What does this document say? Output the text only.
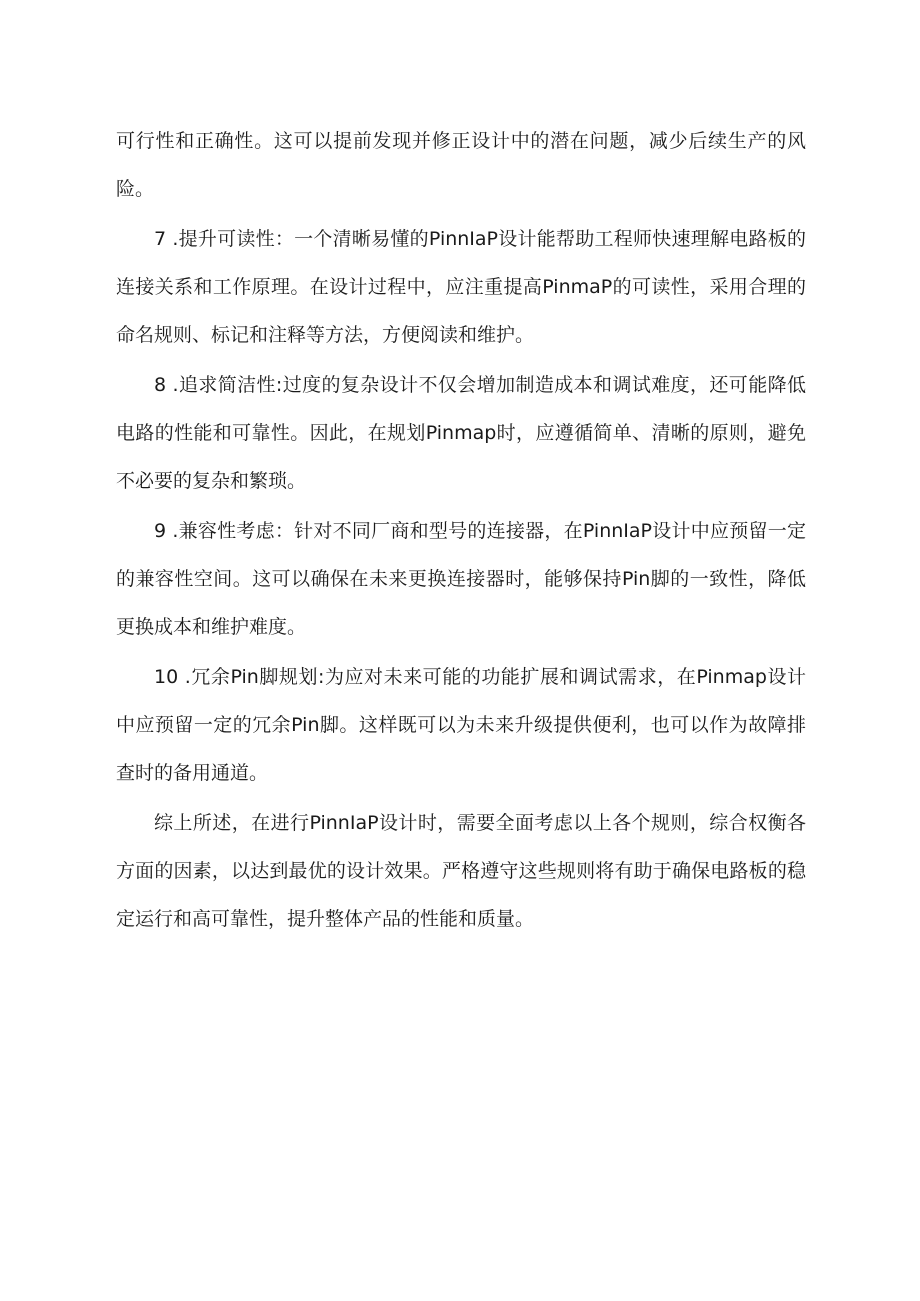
可行性和正确性。这可以提前发现并修正设计中的潜在问题，减少后续生产的风险。

7 .提升可读性：一个清晰易懂的PinnIaP设计能帮助工程师快速理解电路板的连接关系和工作原理。在设计过程中，应注重提高PinmaP的可读性，采用合理的命名规则、标记和注释等方法，方便阅读和维护。

8 .追求简洁性:过度的复杂设计不仅会增加制造成本和调试难度，还可能降低电路的性能和可靠性。因此，在规划Pinmap时，应遵循简单、清晰的原则，避免不必要的复杂和繁琐。

9 .兼容性考虑：针对不同厂商和型号的连接器，在PinnIaP设计中应预留一定的兼容性空间。这可以确保在未来更换连接器时，能够保持Pin脚的一致性，降低更换成本和维护难度。

10 .冗余Pin脚规划:为应对未来可能的功能扩展和调试需求，在Pinmap设计中应预留一定的冗余Pin脚。这样既可以为未来升级提供便利，也可以作为故障排查时的备用通道。

综上所述，在进行PinnIaP设计时，需要全面考虑以上各个规则，综合权衡各方面的因素，以达到最优的设计效果。严格遵守这些规则将有助于确保电路板的稳定运行和高可靠性，提升整体产品的性能和质量。
